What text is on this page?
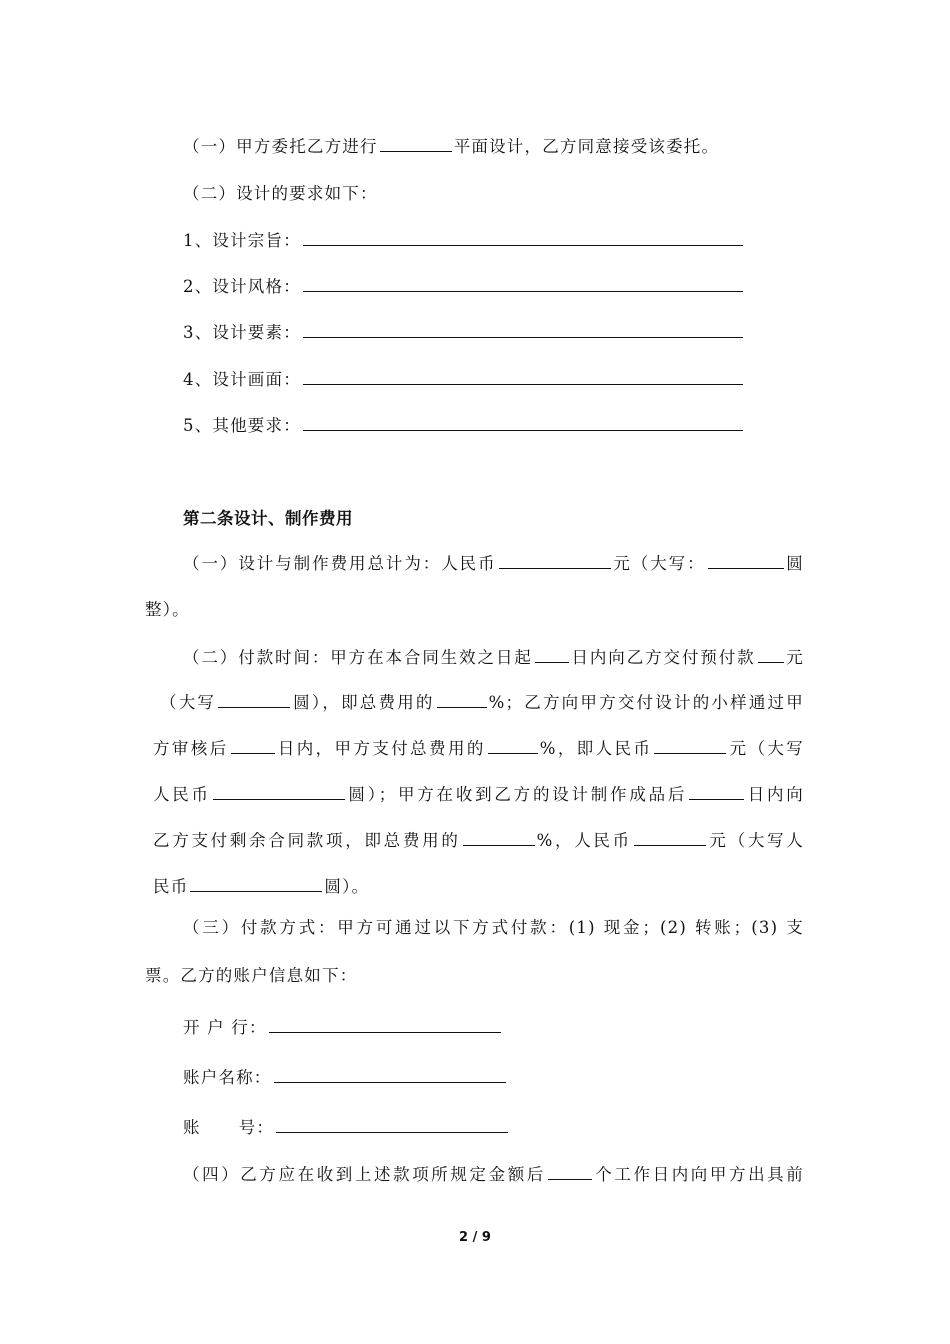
（一）甲方委托乙方进行	平面设计，乙方同意接受该委托。
（二）设计的要求如下：
1、设计宗旨：
2、设计风格：
3、设计要素：
4、设计画面：
5、其他要求：
第二条设计、制作费用
（一）设计与制作费用总计为：人民币	元（大写：	圆
整）。
（二）付款时间：甲方在本合同生效之日起 日内向乙方交付预付款 元
（大写	圆），即总费用的	%；乙方向甲方交付设计的小样通过甲
方审核后	日内，甲方支付总费用的	%，即人民币	元（大写
人民币	圆）；甲方在收到乙方的设计制作成品后	日内向
乙方支付剩余合同款项，即总费用的	%，人民币	元（大写人
民币	圆）。
（三）付款方式：甲方可通过以下方式付款：(1) 现金；(2) 转账；(3) 支
票。乙方的账户信息如下：
开 户 行：
账户名称：
账 号：
（四）乙方应在收到上述款项所规定金额后	个工作日内向甲方出具前
2 / 9
